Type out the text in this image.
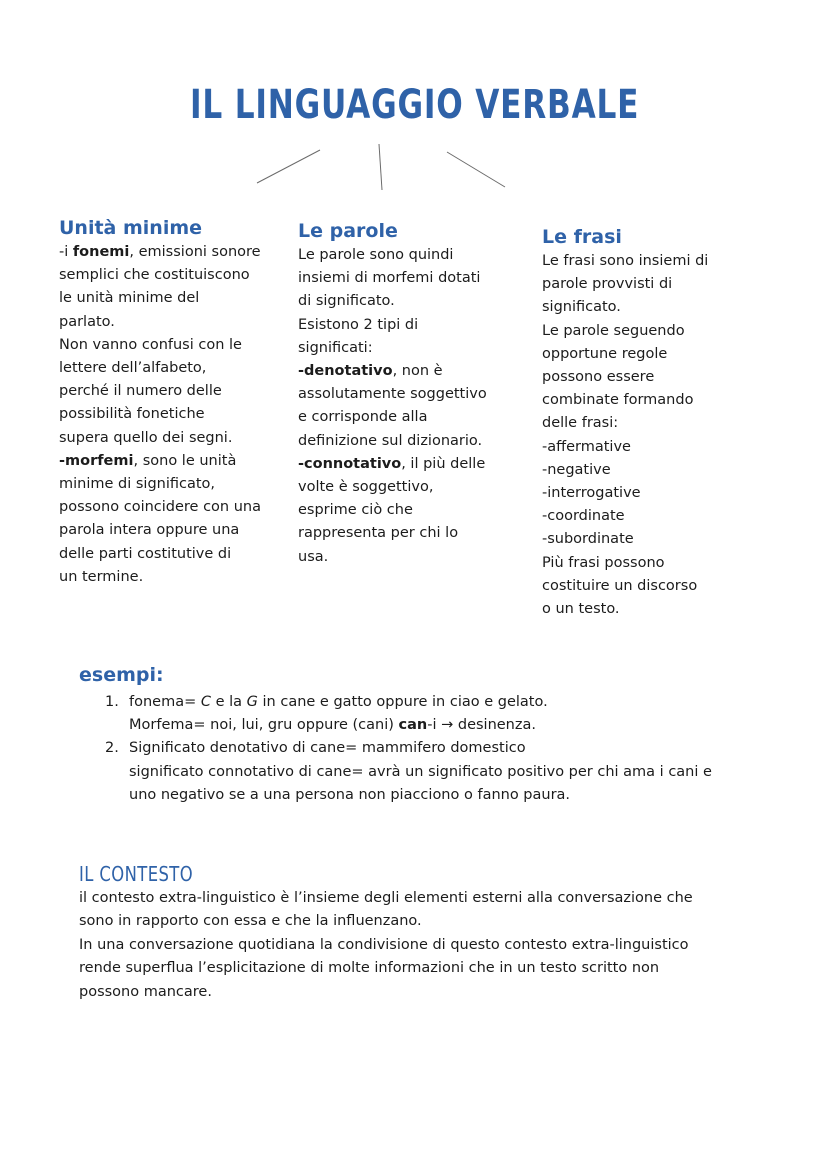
IL LINGUAGGIO VERBALE
Unità minime
-i fonemi, emissioni sonore
semplici che costituiscono
le unità minime del
parlato.
Non vanno confusi con le
lettere dell’alfabeto,
perché il numero delle
possibilità fonetiche
supera quello dei segni.
-morfemi, sono le unità
minime di significato,
possono coincidere con una
parola intera oppure una
delle parti costitutive di
un termine.
Le parole
Le parole sono quindi
insiemi di morfemi dotati
di significato.
Esistono 2 tipi di
significati:
-denotativo, non è
assolutamente soggettivo
e corrisponde alla
definizione sul dizionario.
-connotativo, il più delle
volte è soggettivo,
esprime ciò che
rappresenta per chi lo
usa.
Le frasi
Le frasi sono insiemi di
parole provvisti di
significato.
Le parole seguendo
opportune regole
possono essere
combinate formando
delle frasi:
-affermative
-negative
-interrogative
-coordinate
-subordinate
Più frasi possono
costituire un discorso
o un testo.
esempi:
1. fonema= C e la G in cane e gatto oppure in ciao e gelato.
Morfema= noi, lui, gru oppure (cani) can-i → desinenza.
2. Significato denotativo di cane= mammifero domestico
significato connotativo di cane= avrà un significato positivo per chi ama i cani e
uno negativo se a una persona non piacciono o fanno paura.
IL CONTESTO
il contesto extra-linguistico è l’insieme degli elementi esterni alla conversazione che
sono in rapporto con essa e che la influenzano.
In una conversazione quotidiana la condivisione di questo contesto extra-linguistico
rende superflua l’esplicitazione di molte informazioni che in un testo scritto non
possono mancare.
